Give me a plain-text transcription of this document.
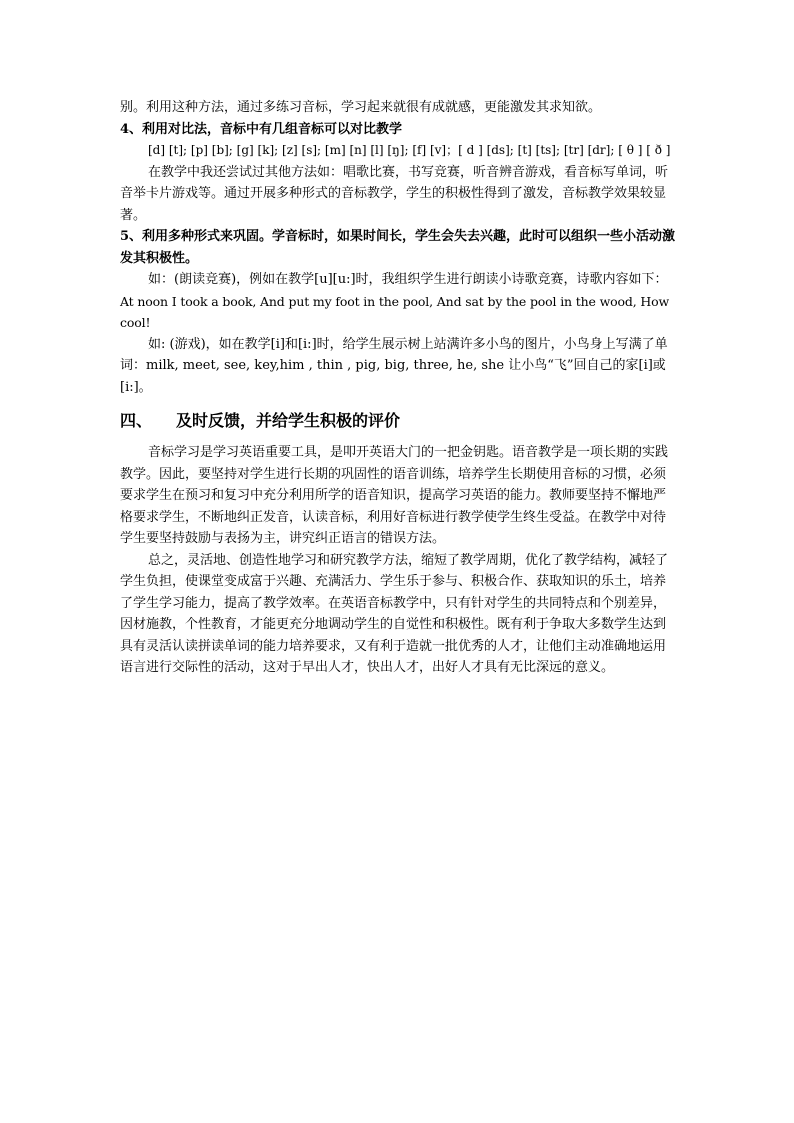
别。利用这种方法，通过多练习音标，学习起来就很有成就感，更能激发其求知欲。

4、利用对比法，音标中有几组音标可以对比教学

[d] [t]; [p] [b]; [g] [k]; [z] [s]; [m] [n] [l] [ŋ]; [f] [v]；[ d ] [ds]; [t] [ts]; [tr] [dr]; [ θ ] [ ð ]

在教学中我还尝试过其他方法如：唱歌比赛，书写竞赛，听音辨音游戏，看音标写单词，听音举卡片游戏等。通过开展多种形式的音标教学，学生的积极性得到了激发，音标教学效果较显著。

5、利用多种形式来巩固。学音标时，如果时间长，学生会失去兴趣，此时可以组织一些小活动激发其积极性。

如：(朗读竞赛)，例如在教学[u][u:]时，我组织学生进行朗读小诗歌竞赛，诗歌内容如下：

At noon I took a book, And put my foot in the pool, And sat by the pool in the wood, How cool!

如: (游戏)，如在教学[i]和[i:]时，给学生展示树上站满许多小鸟的图片，小鸟身上写满了单词：milk, meet, see, key,him , thin , pig, big, three, he, she 让小鸟“飞”回自己的家[i]或[i:]。

四、 及时反馈，并给学生积极的评价

音标学习是学习英语重要工具，是叩开英语大门的一把金钥匙。语音教学是一项长期的实践教学。因此，要坚持对学生进行长期的巩固性的语音训练，培养学生长期使用音标的习惯，必须要求学生在预习和复习中充分利用所学的语音知识，提高学习英语的能力。教师要坚持不懈地严格要求学生，不断地纠正发音，认读音标，利用好音标进行教学使学生终生受益。在教学中对待学生要坚持鼓励与表扬为主，讲究纠正语言的错误方法。

总之，灵活地、创造性地学习和研究教学方法，缩短了教学周期，优化了教学结构，减轻了学生负担，使课堂变成富于兴趣、充满活力、学生乐于参与、积极合作、获取知识的乐土，培养了学生学习能力，提高了教学效率。在英语音标教学中，只有针对学生的共同特点和个别差异，因材施教，个性教育，才能更充分地调动学生的自觉性和积极性。既有利于争取大多数学生达到具有灵活认读拼读单词的能力培养要求，又有利于造就一批优秀的人才，让他们主动准确地运用语言进行交际性的活动，这对于早出人才，快出人才，出好人才具有无比深远的意义。
